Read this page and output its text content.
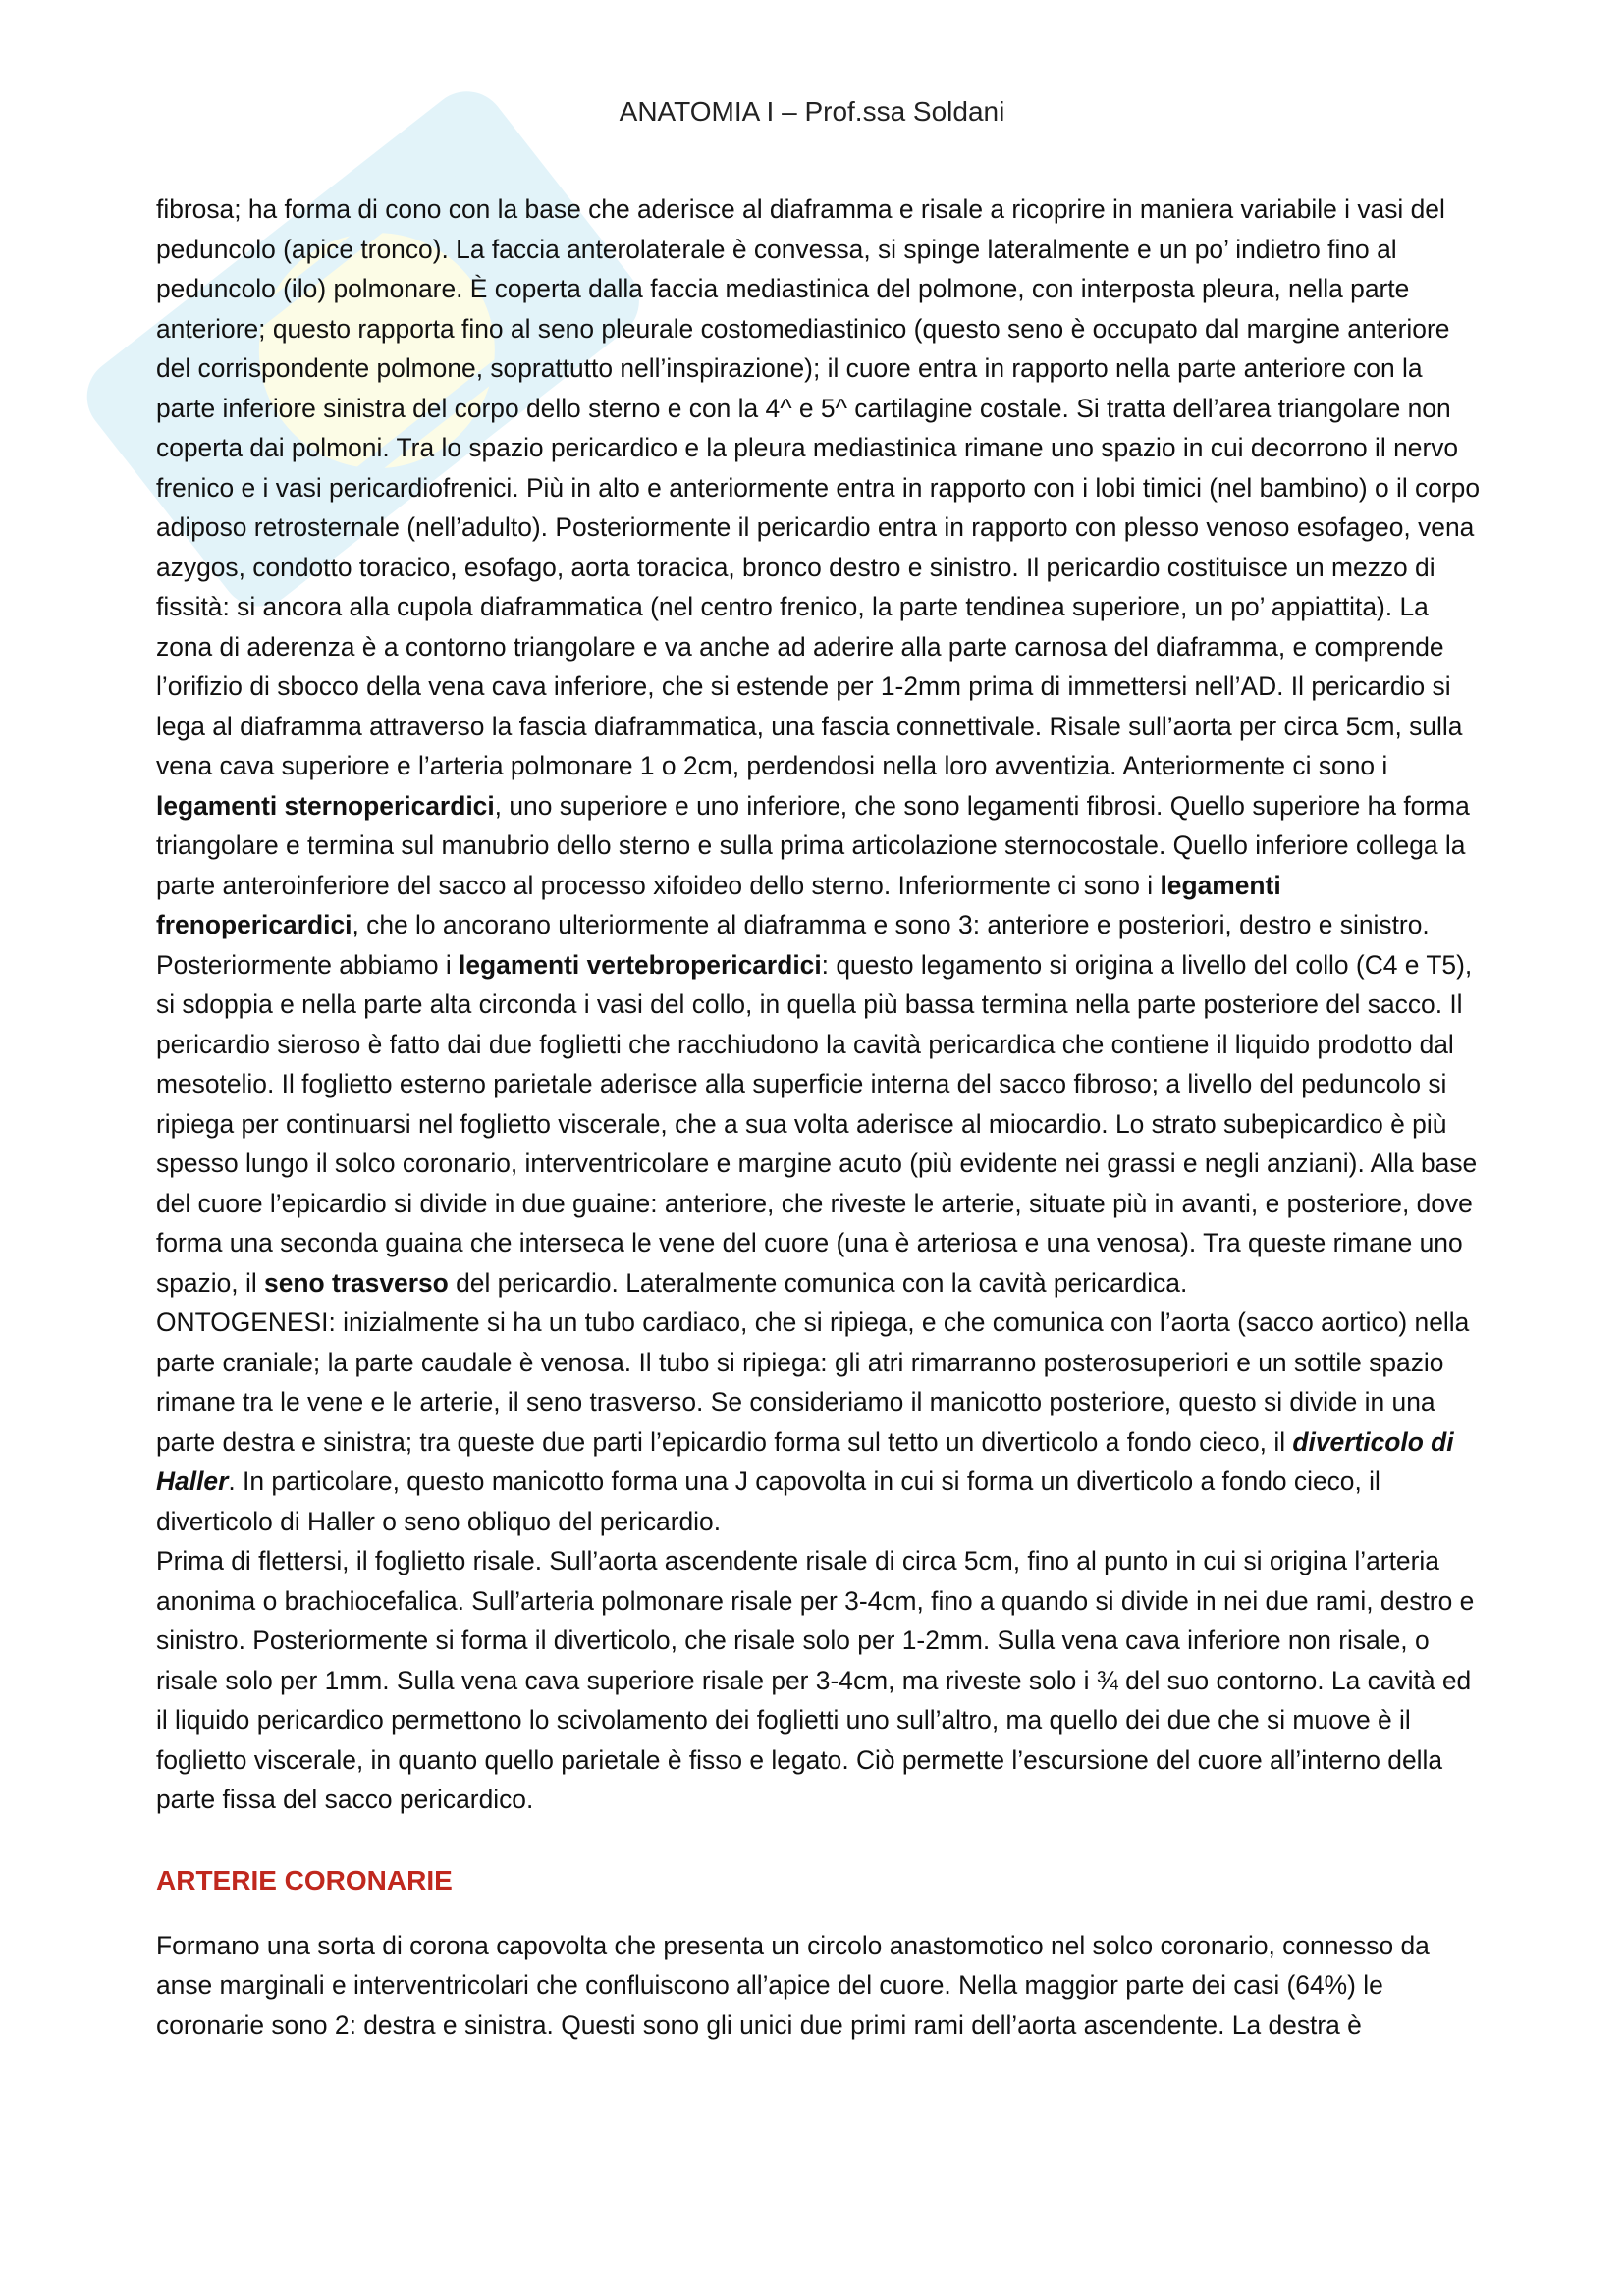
ANATOMIA I – Prof.ssa Soldani

fibrosa; ha forma di cono con la base che aderisce al diaframma e risale a ricoprire in maniera variabile i vasi del peduncolo (apice tronco). La faccia anterolaterale è convessa, si spinge lateralmente e un po’ indietro fino al peduncolo (ilo) polmonare. È coperta dalla faccia mediastinica del polmone, con interposta pleura, nella parte anteriore; questo rapporta fino al seno pleurale costomediastinico (questo seno è occupato dal margine anteriore del corrispondente polmone, soprattutto nell’inspirazione); il cuore entra in rapporto nella parte anteriore con la parte inferiore sinistra del corpo dello sterno e con la 4^ e 5^ cartilagine costale. Si tratta dell’area triangolare non coperta dai polmoni. Tra lo spazio pericardico e la pleura mediastinica rimane uno spazio in cui decorrono il nervo frenico e i vasi pericardiofrenici. Più in alto e anteriormente entra in rapporto con i lobi timici (nel bambino) o il corpo adiposo retrosternale (nell’adulto). Posteriormente il pericardio entra in rapporto con plesso venoso esofageo, vena azygos, condotto toracico, esofago, aorta toracica, bronco destro e sinistro. Il pericardio costituisce un mezzo di fissità: si ancora alla cupola diaframmatica (nel centro frenico, la parte tendinea superiore, un po’ appiattita). La zona di aderenza è a contorno triangolare e va anche ad aderire alla parte carnosa del diaframma, e comprende l’orifizio di sbocco della vena cava inferiore, che si estende per 1-2mm prima di immettersi nell’AD. Il pericardio si lega al diaframma attraverso la fascia diaframmatica, una fascia connettivale. Risale sull’aorta per circa 5cm, sulla vena cava superiore e l’arteria polmonare 1 o 2cm, perdendosi nella loro avventizia. Anteriormente ci sono i legamenti sternopericardici, uno superiore e uno inferiore, che sono legamenti fibrosi. Quello superiore ha forma triangolare e termina sul manubrio dello sterno e sulla prima articolazione sternocostale. Quello inferiore collega la parte anteroinferiore del sacco al processo xifoideo dello sterno. Inferiormente ci sono i legamenti frenopericardici, che lo ancorano ulteriormente al diaframma e sono 3: anteriore e posteriori, destro e sinistro. Posteriormente abbiamo i legamenti vertebropericardici: questo legamento si origina a livello del collo (C4 e T5), si sdoppia e nella parte alta circonda i vasi del collo, in quella più bassa termina nella parte posteriore del sacco. Il pericardio sieroso è fatto dai due foglietti che racchiudono la cavità pericardica che contiene il liquido prodotto dal mesotelio. Il foglietto esterno parietale aderisce alla superficie interna del sacco fibroso; a livello del peduncolo si ripiega per continuarsi nel foglietto viscerale, che a sua volta aderisce al miocardio. Lo strato subepicardico è più spesso lungo il solco coronario, interventricolare e margine acuto (più evidente nei grassi e negli anziani). Alla base del cuore l’epicardio si divide in due guaine: anteriore, che riveste le arterie, situate più in avanti, e posteriore, dove forma una seconda guaina che interseca le vene del cuore (una è arteriosa e una venosa). Tra queste rimane uno spazio, il seno trasverso del pericardio. Lateralmente comunica con la cavità pericardica.

ONTOGENESI: inizialmente si ha un tubo cardiaco, che si ripiega, e che comunica con l’aorta (sacco aortico) nella parte craniale; la parte caudale è venosa. Il tubo si ripiega: gli atri rimarranno posterosuperiori e un sottile spazio rimane tra le vene e le arterie, il seno trasverso. Se consideriamo il manicotto posteriore, questo si divide in una parte destra e sinistra; tra queste due parti l’epicardio forma sul tetto un diverticolo a fondo cieco, il diverticolo di Haller. In particolare, questo manicotto forma una J capovolta in cui si forma un diverticolo a fondo cieco, il diverticolo di Haller o seno obliquo del pericardio.

Prima di flettersi, il foglietto risale. Sull’aorta ascendente risale di circa 5cm, fino al punto in cui si origina l’arteria anonima o brachiocefalica. Sull’arteria polmonare risale per 3-4cm, fino a quando si divide in nei due rami, destro e sinistro. Posteriormente si forma il diverticolo, che risale solo per 1-2mm. Sulla vena cava inferiore non risale, o risale solo per 1mm. Sulla vena cava superiore risale per 3-4cm, ma riveste solo i ¾ del suo contorno. La cavità ed il liquido pericardico permettono lo scivolamento dei foglietti uno sull’altro, ma quello dei due che si muove è il foglietto viscerale, in quanto quello parietale è fisso e legato. Ciò permette l’escursione del cuore all’interno della parte fissa del sacco pericardico.

ARTERIE CORONARIE

Formano una sorta di corona capovolta che presenta un circolo anastomotico nel solco coronario, connesso da anse marginali e interventricolari che confluiscono all’apice del cuore. Nella maggior parte dei casi (64%) le coronarie sono 2: destra e sinistra. Questi sono gli unici due primi rami dell’aorta ascendente. La destra è
